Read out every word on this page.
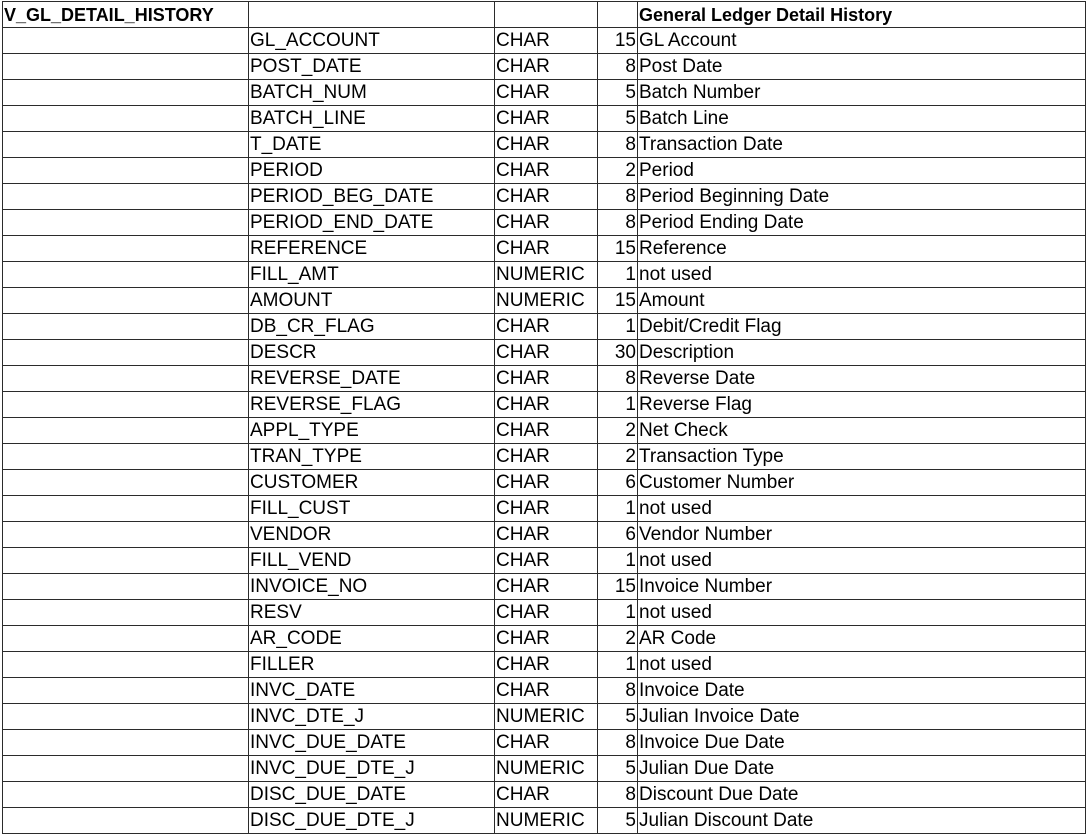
V_GL_DETAIL_HISTORY				General Ledger Detail History
	GL_ACCOUNT	CHAR	15	GL Account
	POST_DATE	CHAR	8	Post Date
	BATCH_NUM	CHAR	5	Batch Number
	BATCH_LINE	CHAR	5	Batch Line
	T_DATE	CHAR	8	Transaction Date
	PERIOD	CHAR	2	Period
	PERIOD_BEG_DATE	CHAR	8	Period Beginning Date
	PERIOD_END_DATE	CHAR	8	Period Ending Date
	REFERENCE	CHAR	15	Reference
	FILL_AMT	NUMERIC	1	not used
	AMOUNT	NUMERIC	15	Amount
	DB_CR_FLAG	CHAR	1	Debit/Credit Flag
	DESCR	CHAR	30	Description
	REVERSE_DATE	CHAR	8	Reverse Date
	REVERSE_FLAG	CHAR	1	Reverse Flag
	APPL_TYPE	CHAR	2	Net Check
	TRAN_TYPE	CHAR	2	Transaction Type
	CUSTOMER	CHAR	6	Customer Number
	FILL_CUST	CHAR	1	not used
	VENDOR	CHAR	6	Vendor Number
	FILL_VEND	CHAR	1	not used
	INVOICE_NO	CHAR	15	Invoice Number
	RESV	CHAR	1	not used
	AR_CODE	CHAR	2	AR Code
	FILLER	CHAR	1	not used
	INVC_DATE	CHAR	8	Invoice Date
	INVC_DTE_J	NUMERIC	5	Julian Invoice Date
	INVC_DUE_DATE	CHAR	8	Invoice Due Date
	INVC_DUE_DTE_J	NUMERIC	5	Julian Due Date
	DISC_DUE_DATE	CHAR	8	Discount Due Date
	DISC_DUE_DTE_J	NUMERIC	5	Julian Discount Date
